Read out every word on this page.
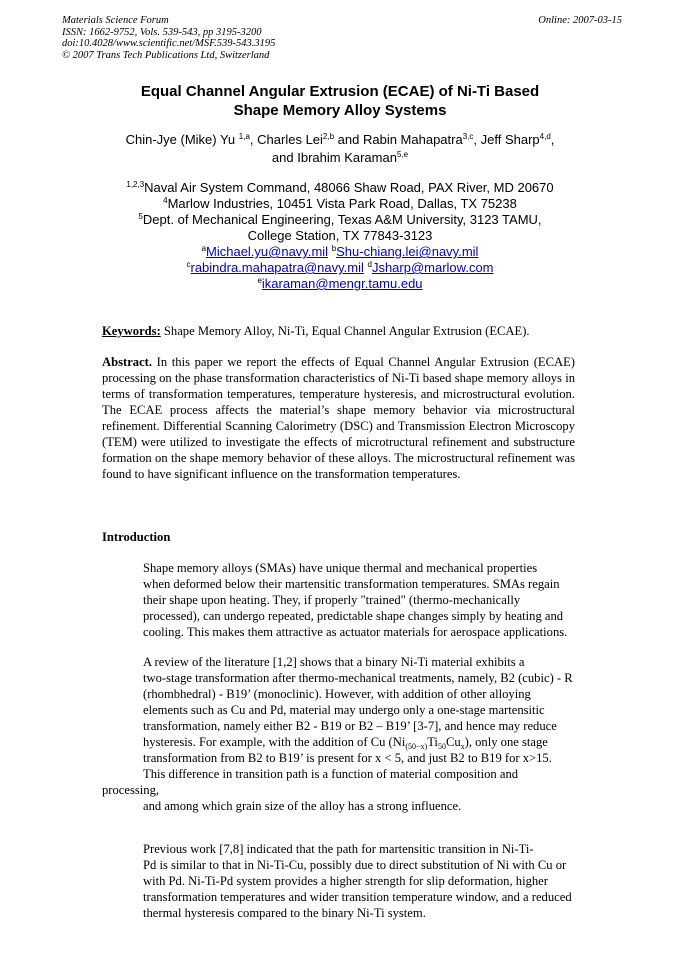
Materials Science Forum
ISSN: 1662-9752, Vols. 539-543, pp 3195-3200
doi:10.4028/www.scientific.net/MSF.539-543.3195
© 2007 Trans Tech Publications Ltd, Switzerland
Online: 2007-03-15
Equal Channel Angular Extrusion (ECAE) of Ni-Ti Based
Shape Memory Alloy Systems
Chin-Jye (Mike) Yu $^{1,a}$, Charles Lei$^{2,b}$ and Rabin Mahapatra$^{3,c}$, Jeff Sharp$^{4,d}$,
and Ibrahim Karaman$^{5,e}$
$^{1,2,3}$Naval Air System Command, 48066 Shaw Road, PAX River, MD 20670
$^4$Marlow Industries, 10451 Vista Park Road, Dallas, TX 75238
$^5$Dept. of Mechanical Engineering, Texas A&M University, 3123 TAMU,
College Station, TX 77843-3123
$^a$Michael.yu@navy.mil $^b$Shu-chiang.lei@navy.mil
$^c$rabindra.mahapatra@navy.mil $^d$Jsharp@marlow.com
$^e$ikaraman@mengr.tamu.edu
Keywords: Shape Memory Alloy, Ni-Ti, Equal Channel Angular Extrusion (ECAE).
Abstract. In this paper we report the effects of Equal Channel Angular Extrusion (ECAE) processing on the phase transformation characteristics of Ni-Ti based shape memory alloys in terms of transformation temperatures, temperature hysteresis, and microstructural evolution. The ECAE process affects the material’s shape memory behavior via microstructural refinement. Differential Scanning Calorimetry (DSC) and Transmission Electron Microscopy (TEM) were utilized to investigate the effects of microtructural refinement and substructure formation on the shape memory behavior of these alloys. The microstructural refinement was found to have significant influence on the transformation temperatures.
Introduction
Shape memory alloys (SMAs) have unique thermal and mechanical properties
when deformed below their martensitic transformation temperatures. SMAs regain
their shape upon heating. They, if properly "trained" (thermo-mechanically
processed), can undergo repeated, predictable shape changes simply by heating and
cooling. This makes them attractive as actuator materials for aerospace applications.
A review of the literature [1,2] shows that a binary Ni-Ti material exhibits a
two-stage transformation after thermo-mechanical treatments, namely, B2 (cubic) - R
(rhombhedral) - B19’ (monoclinic). However, with addition of other alloying
elements such as Cu and Pd, material may undergo only a one-stage martensitic
transformation, namely either B2 - B19 or B2 – B19’ [3-7], and hence may reduce
hysteresis. For example, with the addition of Cu $(Ni_{(50-x)}Ti_{50}Cu_x)$, only one stage
transformation from B2 to B19’ is present for x < 5, and just B2 to B19 for x>15.
This difference in transition path is a function of material composition and processing,
and among which grain size of the alloy has a strong influence.
Previous work [7,8] indicated that the path for martensitic transition in Ni-Ti-
Pd is similar to that in Ni-Ti-Cu, possibly due to direct substitution of Ni with Cu or
with Pd. Ni-Ti-Pd system provides a higher strength for slip deformation, higher
transformation temperatures and wider transition temperature window, and a reduced
thermal hysteresis compared to the binary Ni-Ti system.
